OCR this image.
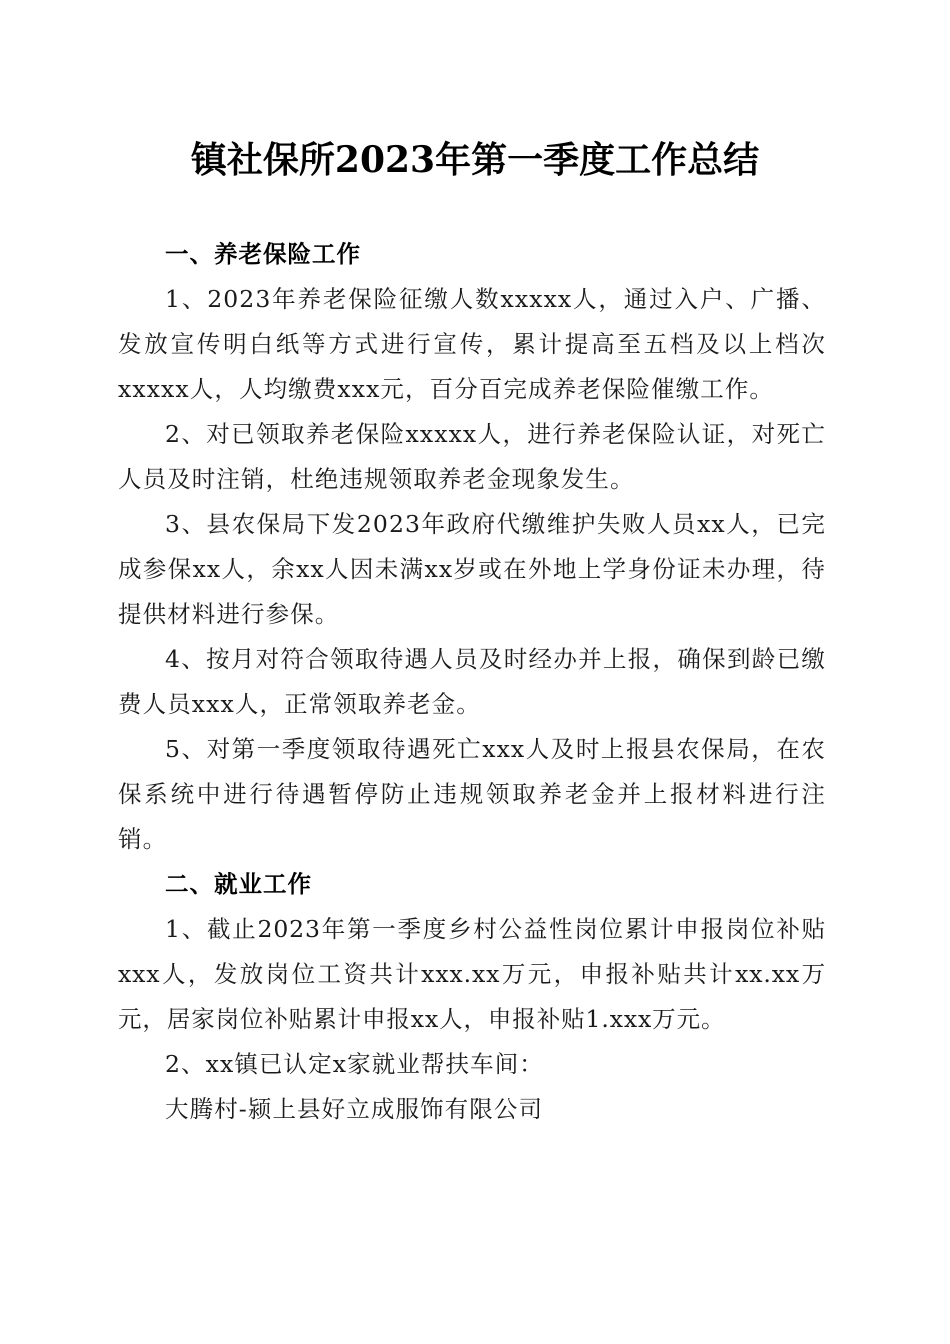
镇社保所2023年第一季度工作总结

一、养老保险工作

1、2023年养老保险征缴人数xxxxx人，通过入户、广播、发放宣传明白纸等方式进行宣传，累计提高至五档及以上档次xxxxx人，人均缴费xxx元，百分百完成养老保险催缴工作。

2、对已领取养老保险xxxxx人，进行养老保险认证，对死亡人员及时注销，杜绝违规领取养老金现象发生。

3、县农保局下发2023年政府代缴维护失败人员xx人，已完成参保xx人，余xx人因未满xx岁或在外地上学身份证未办理，待提供材料进行参保。

4、按月对符合领取待遇人员及时经办并上报，确保到龄已缴费人员xxx人，正常领取养老金。

5、对第一季度领取待遇死亡xxx人及时上报县农保局，在农保系统中进行待遇暂停防止违规领取养老金并上报材料进行注销。

二、就业工作

1、截止2023年第一季度乡村公益性岗位累计申报岗位补贴xxx人，发放岗位工资共计xxx.xx万元，申报补贴共计xx.xx万元，居家岗位补贴累计申报xx人，申报补贴1.xxx万元。

2、xx镇已认定x家就业帮扶车间：

大腾村-颍上县好立成服饰有限公司
